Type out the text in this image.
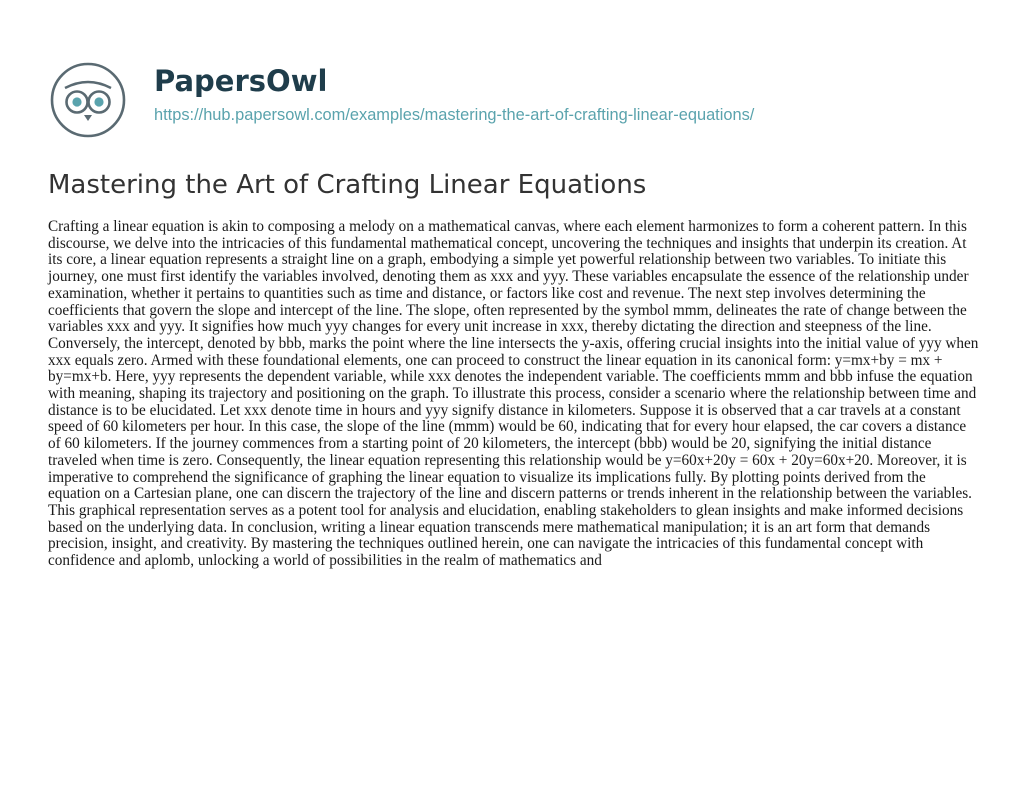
PapersOwl
https://hub.papersowl.com/examples/mastering-the-art-of-crafting-linear-equations/
Mastering the Art of Crafting Linear Equations

Crafting a linear equation is akin to composing a melody on a mathematical canvas, where each element harmonizes to form a coherent pattern. In this discourse, we delve into the intricacies of this fundamental mathematical concept, uncovering the techniques and insights that underpin its creation. At its core, a linear equation represents a straight line on a graph, embodying a simple yet powerful relationship between two variables. To initiate this journey, one must first identify the variables involved, denoting them as xxx and yyy. These variables encapsulate the essence of the relationship under examination, whether it pertains to quantities such as time and distance, or factors like cost and revenue. The next step involves determining the coefficients that govern the slope and intercept of the line. The slope, often represented by the symbol mmm, delineates the rate of change between the variables xxx and yyy. It signifies how much yyy changes for every unit increase in xxx, thereby dictating the direction and steepness of the line. Conversely, the intercept, denoted by bbb, marks the point where the line intersects the y-axis, offering crucial insights into the initial value of yyy when xxx equals zero. Armed with these foundational elements, one can proceed to construct the linear equation in its canonical form: y=mx+by = mx + by=mx+b. Here, yyy represents the dependent variable, while xxx denotes the independent variable. The coefficients mmm and bbb infuse the equation with meaning, shaping its trajectory and positioning on the graph. To illustrate this process, consider a scenario where the relationship between time and distance is to be elucidated. Let xxx denote time in hours and yyy signify distance in kilometers. Suppose it is observed that a car travels at a constant speed of 60 kilometers per hour. In this case, the slope of the line (mmm) would be 60, indicating that for every hour elapsed, the car covers a distance of 60 kilometers. If the journey commences from a starting point of 20 kilometers, the intercept (bbb) would be 20, signifying the initial distance traveled when time is zero. Consequently, the linear equation representing this relationship would be y=60x+20y = 60x + 20y=60x+20. Moreover, it is imperative to comprehend the significance of graphing the linear equation to visualize its implications fully. By plotting points derived from the equation on a Cartesian plane, one can discern the trajectory of the line and discern patterns or trends inherent in the relationship between the variables. This graphical representation serves as a potent tool for analysis and elucidation, enabling stakeholders to glean insights and make informed decisions based on the underlying data. In conclusion, writing a linear equation transcends mere mathematical manipulation; it is an art form that demands precision, insight, and creativity. By mastering the techniques outlined herein, one can navigate the intricacies of this fundamental concept with confidence and aplomb, unlocking a world of possibilities in the realm of mathematics and
